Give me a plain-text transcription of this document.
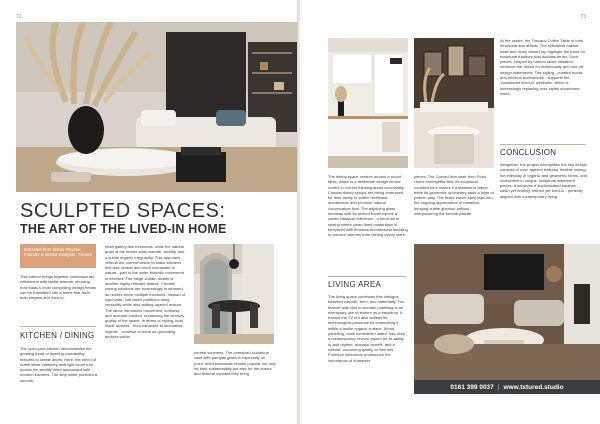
72
SCULPTED SPACES:
THE ART OF THE LIVED-IN HOME

Extracted from Simon Playlow, Founder & Interior Designer, Txtured

This interior brings together contemporary refinement with tactile warmth, showing how today's most compelling design trends can be translated into a home that feels both elegant and lived-in.

KITCHEN / DINING

The open-plan kitchen demonstrates the growing trend of layering contrasting textures to create depth. Here, the blend of matte white cabinetry with light wood trim avoids the sterility often associated with modern kitchens. The strip white provides a smooth...

fresh gallery-like freshness, while the natural grain of the timber adds warmth, tactility, and a subtle organic irregularity. This approach reflects the current desire to make kitchens feel less clinical and more connected to nature - part of the wider biophilic movement in interiors. The beige curtain divider is another highly relevant feature. Flexible zoning solutions are increasingly in demand as homes serve multiple functions. Instead of rigid walls, soft fabric partitions bring versatility while also adding layered texture. The fabric introduces movement, softness, and acoustic comfort, enhancing the sensory quality of the space. In terms of styling, bold black accents - from hardware to decorative objects - continue to trend as grounding devices within

neutral schemes. The oversized sculptural vase with pampas grass is especially on point: dried botanicals remain popular not only for their sustainability but also for the drama and textural contrast they bring.

73

At the centre, the Tuscany Coffee Table in both functional and artistic. The cylindrical marble base and richly veined top highlight the trend for sculptural furniture that doubles as art. Such pieces, shaped by natural stone variation, reinforce the desire for individuality and one-off design statements. The styling - curated books and minimal accessories - supports the 'considered lived-in' aesthetic, which is increasingly replacing over-styled showhome looks.

CONCLUSION

Altogether, the project exemplifies the key design currents of now: layered textures, flexible zoning, the interplay of organic and geometric forms, and investment in unique, sculptural statement pieces. It achieves a sophisticated balance - clean yet inviting, refined yet lived-in - perfectly aligned with contemporary living.

The dining space centres around a round table, which is a deliberate design choice rooted in current thinking about conviviality. Circular dining setups are being embraced for their ability to soften rectilinear architecture and promote natural conversation flow. The adjoining glass doorway with its arched frame injects a subtle classical reference - a trend we're seeing where clean-lined modernism is tempered with timeless architectural detailing to prevent interiors from feeling overly stark.

pieces. The Curved Arm chair from Soho Home exemplifies this: its sculptural, rounded form makes it a statement object while its geometric upholstery adds a layer of pattern play. The brass swivel base taps into the ongoing appreciation of metallics, bringing subtle glamour without overpowering the neutral palette.

LIVING AREA

The living space continues this dialogue between warmth, form, and materiality. The feature wall clad in wooden panelling is an exemplary use of texture as a backdrop. It frames the TV but also softens its technological presence by embedding it within a tactile organic surface. Wood panelling, once considered dated, has seen a contemporary revival, prized for its ability to add rhythm, acoustic benefit, and a natural, cocooning quality to interiors. Furniture selections underscore the importance of character

0161 399 0037 | www.txtured.studio
